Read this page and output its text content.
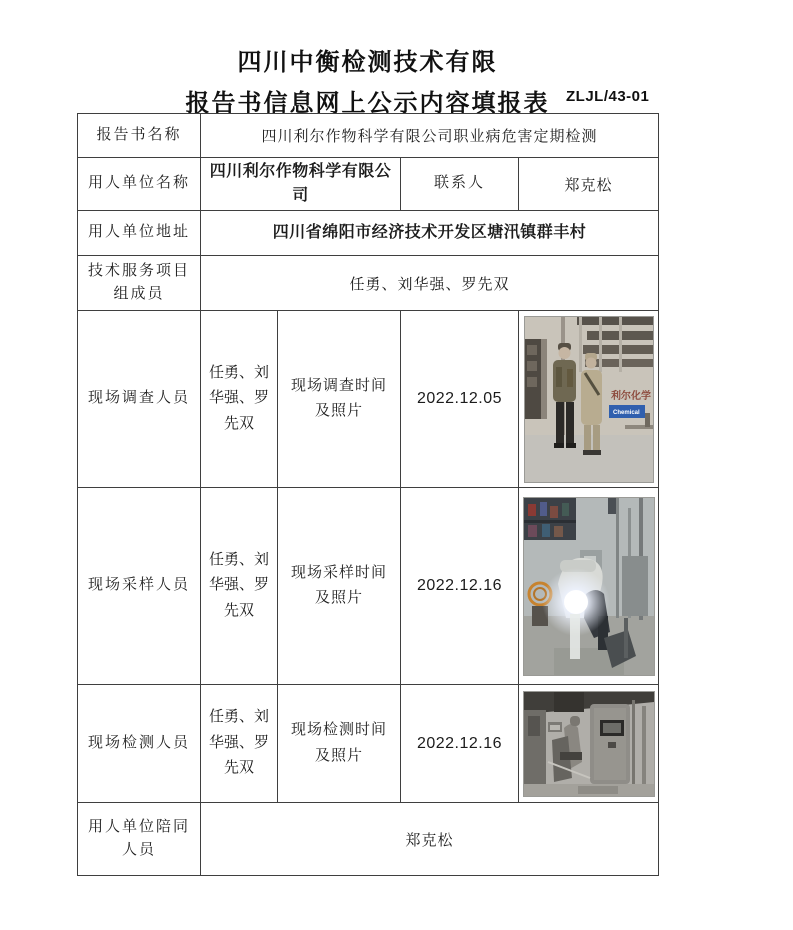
四川中衡检测技术有限
报告书信息网上公示内容填报表	ZLJL/43-01
报告书名称	四川利尔作物科学有限公司职业病危害定期检测			
用人单位名称	四川利尔作物科学有限公司		联系人	郑克松
用人单位地址	四川省绵阳市经济技术开发区塘汛镇群丰村			
技术服务项目组成员	任勇、刘华强、罗先双			
现场调查人员	任勇、刘华强、罗先双	现场调查时间及照片	2022.12.05	利尔化学
Chemical

现场采样人员	任勇、刘华强、罗先双	现场采样时间及照片	2022.12.16	

现场检测人员	任勇、刘华强、罗先双	现场检测时间及照片	2022.12.16	

用人单位陪同人员	郑克松			
